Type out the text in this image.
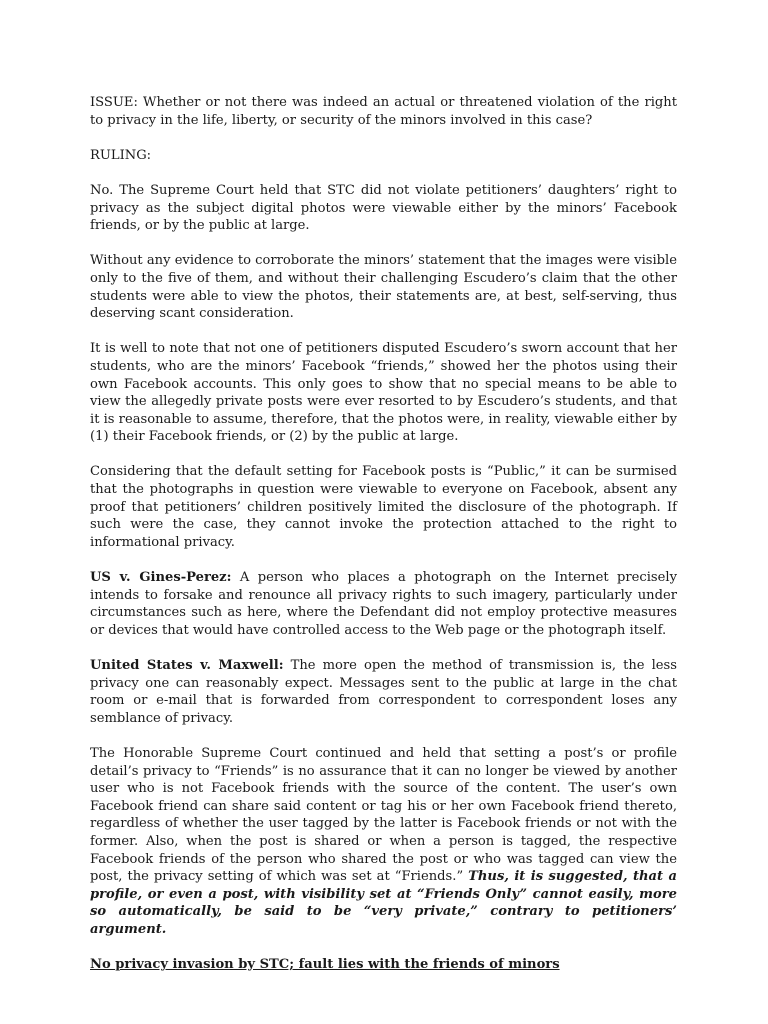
ISSUE: Whether or not there was indeed an actual or threatened violation of the right to privacy in the life, liberty, or security of the minors involved in this case?

RULING:

No. The Supreme Court held that STC did not violate petitioners’ daughters’ right to privacy as the subject digital photos were viewable either by the minors’ Facebook friends, or by the public at large.

Without any evidence to corroborate the minors’ statement that the images were visible only to the five of them, and without their challenging Escudero’s claim that the other students were able to view the photos, their statements are, at best, self-serving, thus deserving scant consideration.

It is well to note that not one of petitioners disputed Escudero’s sworn account that her students, who are the minors’ Facebook “friends,” showed her the photos using their own Facebook accounts. This only goes to show that no special means to be able to view the allegedly private posts were ever resorted to by Escudero’s students, and that it is reasonable to assume, therefore, that the photos were, in reality, viewable either by (1) their Facebook friends, or (2) by the public at large.

Considering that the default setting for Facebook posts is “Public,” it can be surmised that the photographs in question were viewable to everyone on Facebook, absent any proof that petitioners’ children positively limited the disclosure of the photograph. If such were the case, they cannot invoke the protection attached to the right to informational privacy.

US v. Gines-Perez: A person who places a photograph on the Internet precisely intends to forsake and renounce all privacy rights to such imagery, particularly under circumstances such as here, where the Defendant did not employ protective measures or devices that would have controlled access to the Web page or the photograph itself.

United States v. Maxwell: The more open the method of transmission is, the less privacy one can reasonably expect. Messages sent to the public at large in the chat room or e-mail that is forwarded from correspondent to correspondent loses any semblance of privacy.

The Honorable Supreme Court continued and held that setting a post’s or profile detail’s privacy to “Friends” is no assurance that it can no longer be viewed by another user who is not Facebook friends with the source of the content. The user’s own Facebook friend can share said content or tag his or her own Facebook friend thereto, regardless of whether the user tagged by the latter is Facebook friends or not with the former. Also, when the post is shared or when a person is tagged, the respective Facebook friends of the person who shared the post or who was tagged can view the post, the privacy setting of which was set at “Friends.” Thus, it is suggested, that a profile, or even a post, with visibility set at “Friends Only” cannot easily, more so automatically, be said to be “very private,” contrary to petitioners’ argument.

No privacy invasion by STC; fault lies with the friends of minors
